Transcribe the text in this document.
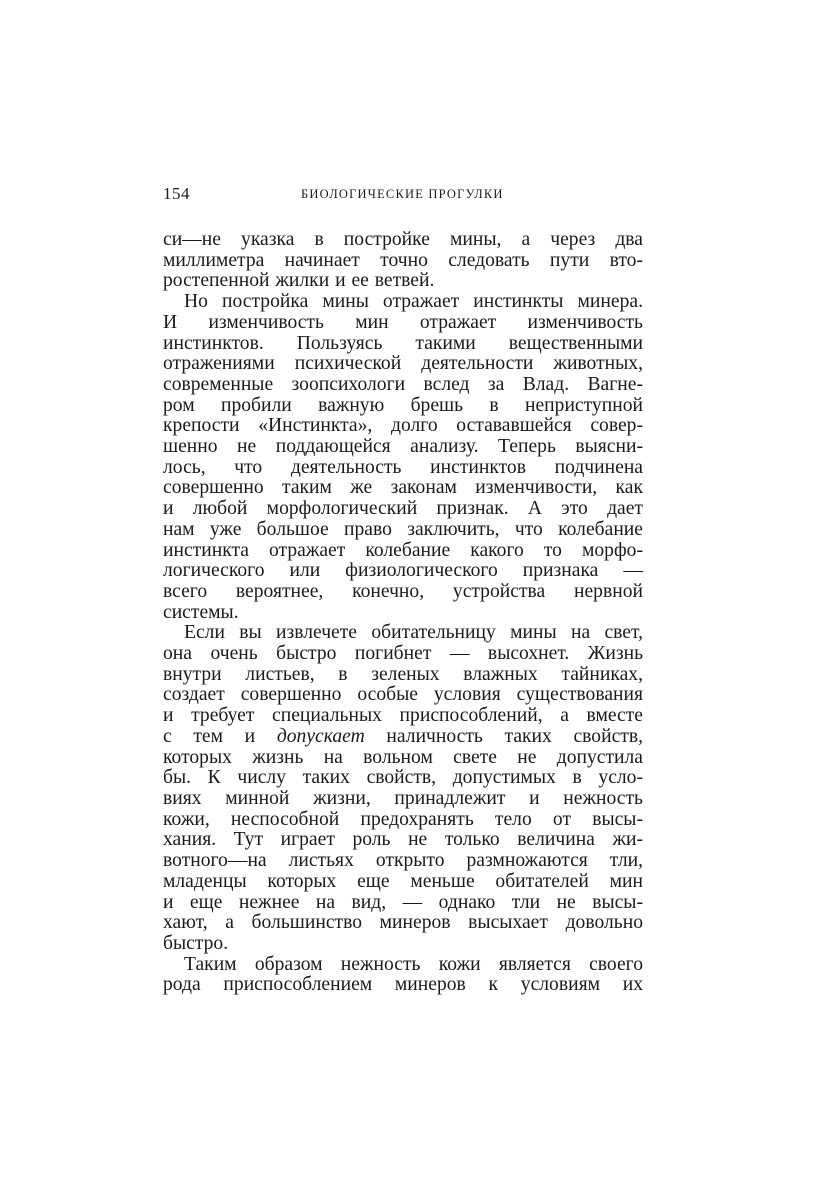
154	БИОЛОГИЧЕСКИЕ ПРОГУЛКИ

си—не указка в постройке мины, а через два
миллиметра начинает точно следовать пути вто-
ростепенной жилки и ее ветвей.

Но постройка мины отражает инстинкты минера.
И изменчивость мин отражает изменчивость
инстинктов. Пользуясь такими вещественными
отражениями психической деятельности животных,
современные зоопсихологи вслед за Влад. Вагне-
ром пробили важную брешь в неприступной
крепости «Инстинкта», долго остававшейся совер-
шенно не поддающейся анализу. Теперь выясни-
лось, что деятельность инстинктов подчинена
совершенно таким же законам изменчивости, как
и любой морфологический признак. А это дает
нам уже большое право заключить, что колебание
инстинкта отражает колебание какого то морфо-
логического или физиологического признака —
всего вероятнее, конечно, устройства нервной
системы.

Если вы извлечете обитательницу мины на свет,
она очень быстро погибнет — высохнет. Жизнь
внутри листьев, в зеленых влажных тайниках,
создает совершенно особые условия существования
и требует специальных приспособлений, а вместе
с тем и допускает наличность таких свойств,
которых жизнь на вольном свете не допустила
бы. К числу таких свойств, допустимых в усло-
виях минной жизни, принадлежит и нежность
кожи, неспособной предохранять тело от высы-
хания. Тут играет роль не только величина жи-
вотного—на листьях открыто размножаются тли,
младенцы которых еще меньше обитателей мин
и еще нежнее на вид, — однако тли не высы-
хают, а большинство минеров высыхает довольно
быстро.

Таким образом нежность кожи является своего
рода приспособлением минеров к условиям их
